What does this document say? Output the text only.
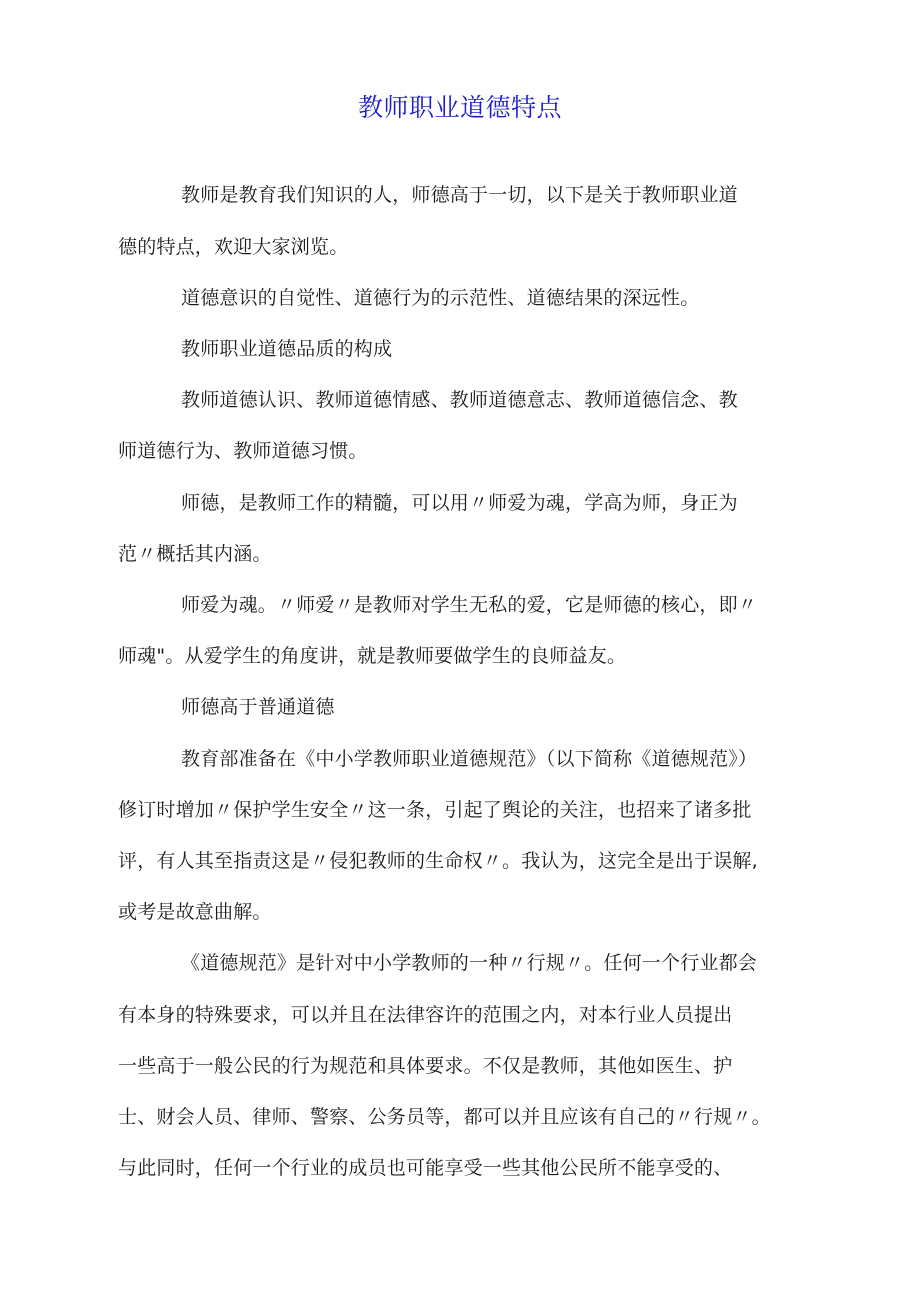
教师职业道德特点
教师是教育我们知识的人，师德高于一切，以下是关于教师职业道
德的特点，欢迎大家浏览。
道德意识的自觉性、道德行为的示范性、道德结果的深远性。
教师职业道德品质的构成
教师道德认识、教师道德情感、教师道德意志、教师道德信念、教
师道德行为、教师道德习惯。
师德，是教师工作的精髓，可以用〃师爱为魂，学高为师，身正为
范〃概括其内涵。
师爱为魂。〃师爱〃是教师对学生无私的爱，它是师德的核心，即〃
师魂"。从爱学生的角度讲，就是教师要做学生的良师益友。
师德高于普通道德
教育部准备在《中小学教师职业道德规范》（以下简称《道德规范》）
修订时增加〃保护学生安全〃这一条，引起了舆论的关注，也招来了诸多批
评，有人其至指责这是〃侵犯教师的生命权〃。我认为，这完全是出于误解,
或考是故意曲解。
《道德规范》是针对中小学教师的一种〃行规〃。任何一个行业都会
有本身的特殊要求，可以并且在法律容许的范围之内，对本行业人员提出
一些高于一般公民的行为规范和具体要求。不仅是教师，其他如医生、护
士、财会人员、律师、警察、公务员等，都可以并且应该有自己的〃行规〃。
与此同时，任何一个行业的成员也可能享受一些其他公民所不能享受的、
